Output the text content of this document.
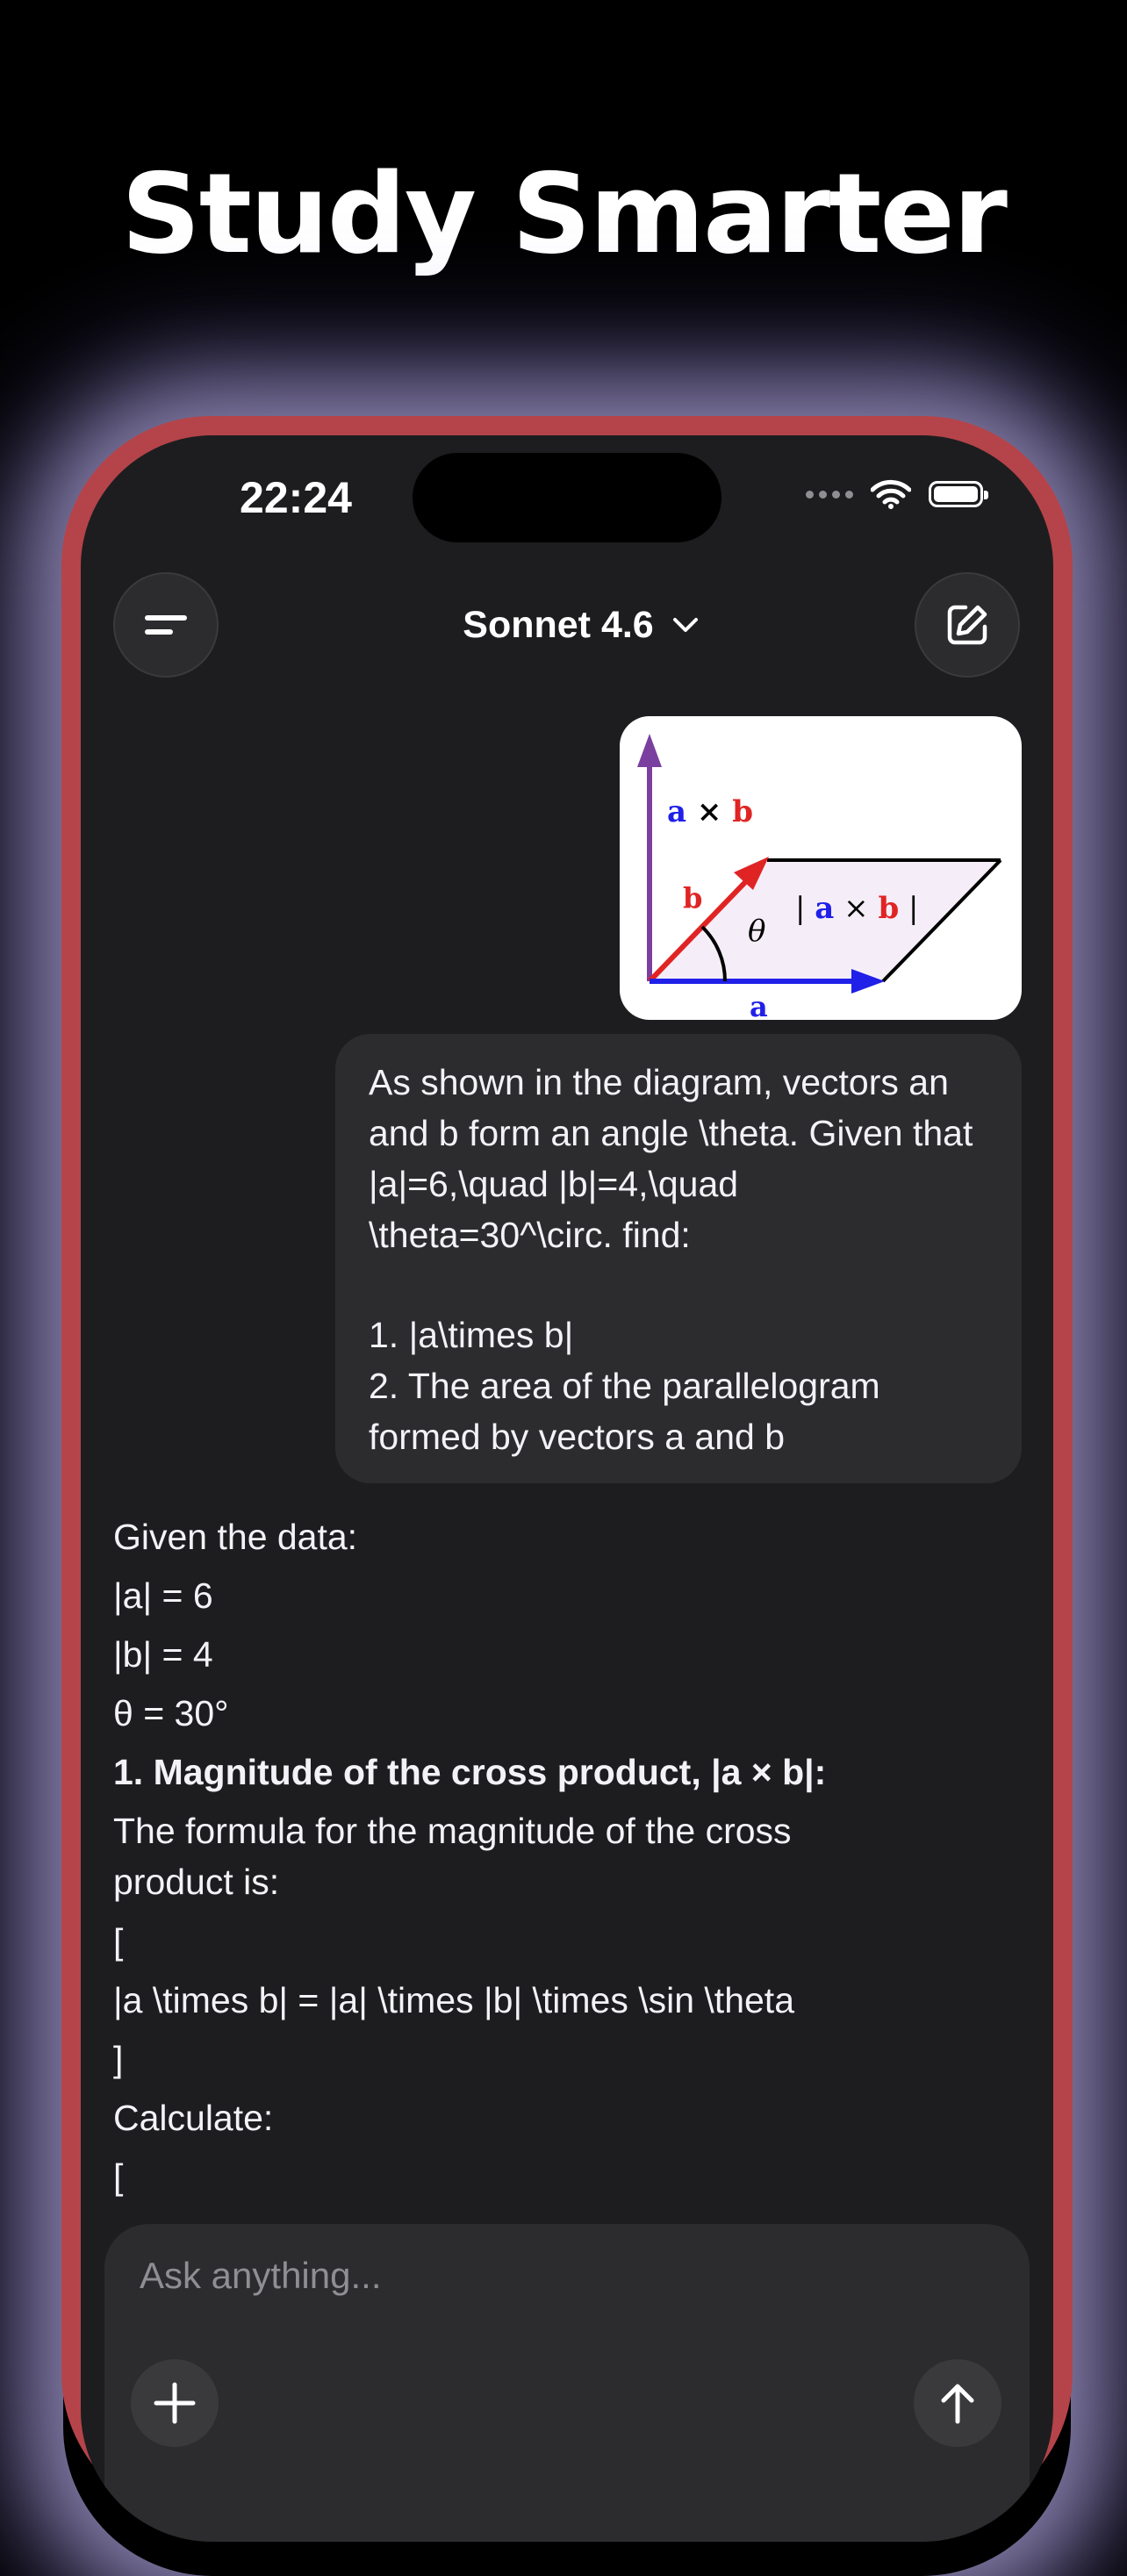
Study Smarter
22:24
Sonnet 4.6
a × b
b
θ
| a × b |
a

As shown in the diagram, vectors an and b form an angle \theta. Given that |a|=6,\quad |b|=4,\quad \theta=30^\circ. find:

1. |a\times b|

2. The area of the parallelogram formed by vectors a and b

Given the data:
|a| = 6
|b| = 4
θ = 30°
1. Magnitude of the cross product, |a × b|:
The formula for the magnitude of the cross product is:
[
|a \times b| = |a| \times |b| \times \sin \theta
]
Calculate:
[
Ask anything...
